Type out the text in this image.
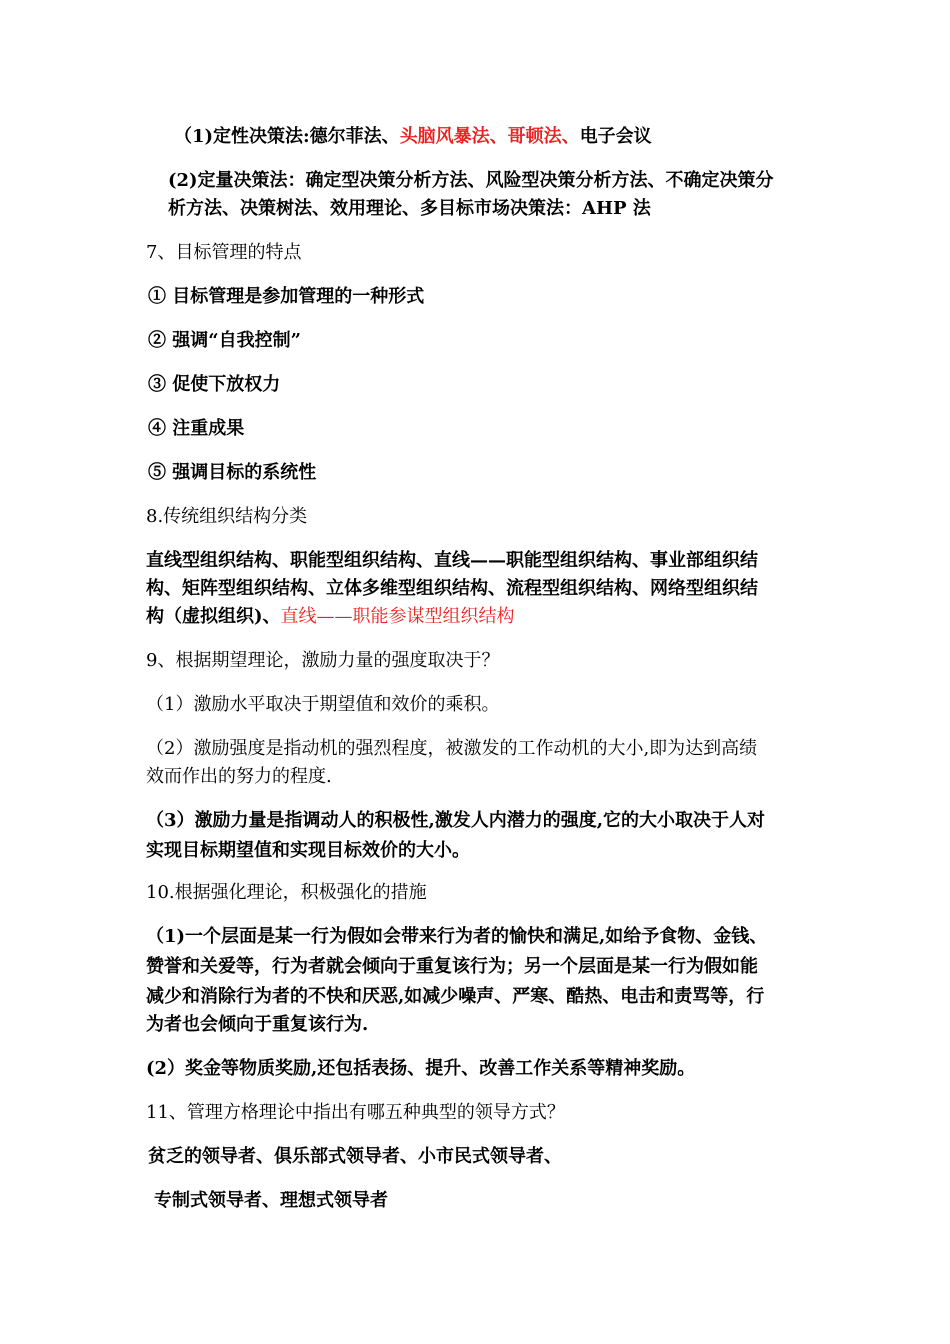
（1)定性决策法:德尔菲法、头脑风暴法、哥顿法、电子会议
(2)定量决策法：确定型决策分析方法、风险型决策分析方法、不确定决策分
析方法、决策树法、效用理论、多目标市场决策法：AHP 法
7、目标管理的特点
① 目标管理是参加管理的一种形式
② 强调“自我控制”
③ 促使下放权力
④ 注重成果
⑤ 强调目标的系统性
8.传统组织结构分类
直线型组织结构、职能型组织结构、直线——职能型组织结构、事业部组织结
构、矩阵型组织结构、立体多维型组织结构、流程型组织结构、网络型组织结
构（虚拟组织)、直线——职能参谋型组织结构
9、根据期望理论，激励力量的强度取决于？
（1）激励水平取决于期望值和效价的乘积。
（2）激励强度是指动机的强烈程度，被激发的工作动机的大小,即为达到高绩
效而作出的努力的程度.
（3）激励力量是指调动人的积极性,激发人内潜力的强度,它的大小取决于人对
实现目标期望值和实现目标效价的大小。
10.根据强化理论，积极强化的措施
（1)一个层面是某一行为假如会带来行为者的愉快和满足,如给予食物、金钱、
赞誉和关爱等，行为者就会倾向于重复该行为；另一个层面是某一行为假如能
减少和消除行为者的不快和厌恶,如减少噪声、严寒、酷热、电击和责骂等，行
为者也会倾向于重复该行为.
(2）奖金等物质奖励,还包括表扬、提升、改善工作关系等精神奖励。
11、管理方格理论中指出有哪五种典型的领导方式？
贫乏的领导者、俱乐部式领导者、小市民式领导者、
专制式领导者、理想式领导者
